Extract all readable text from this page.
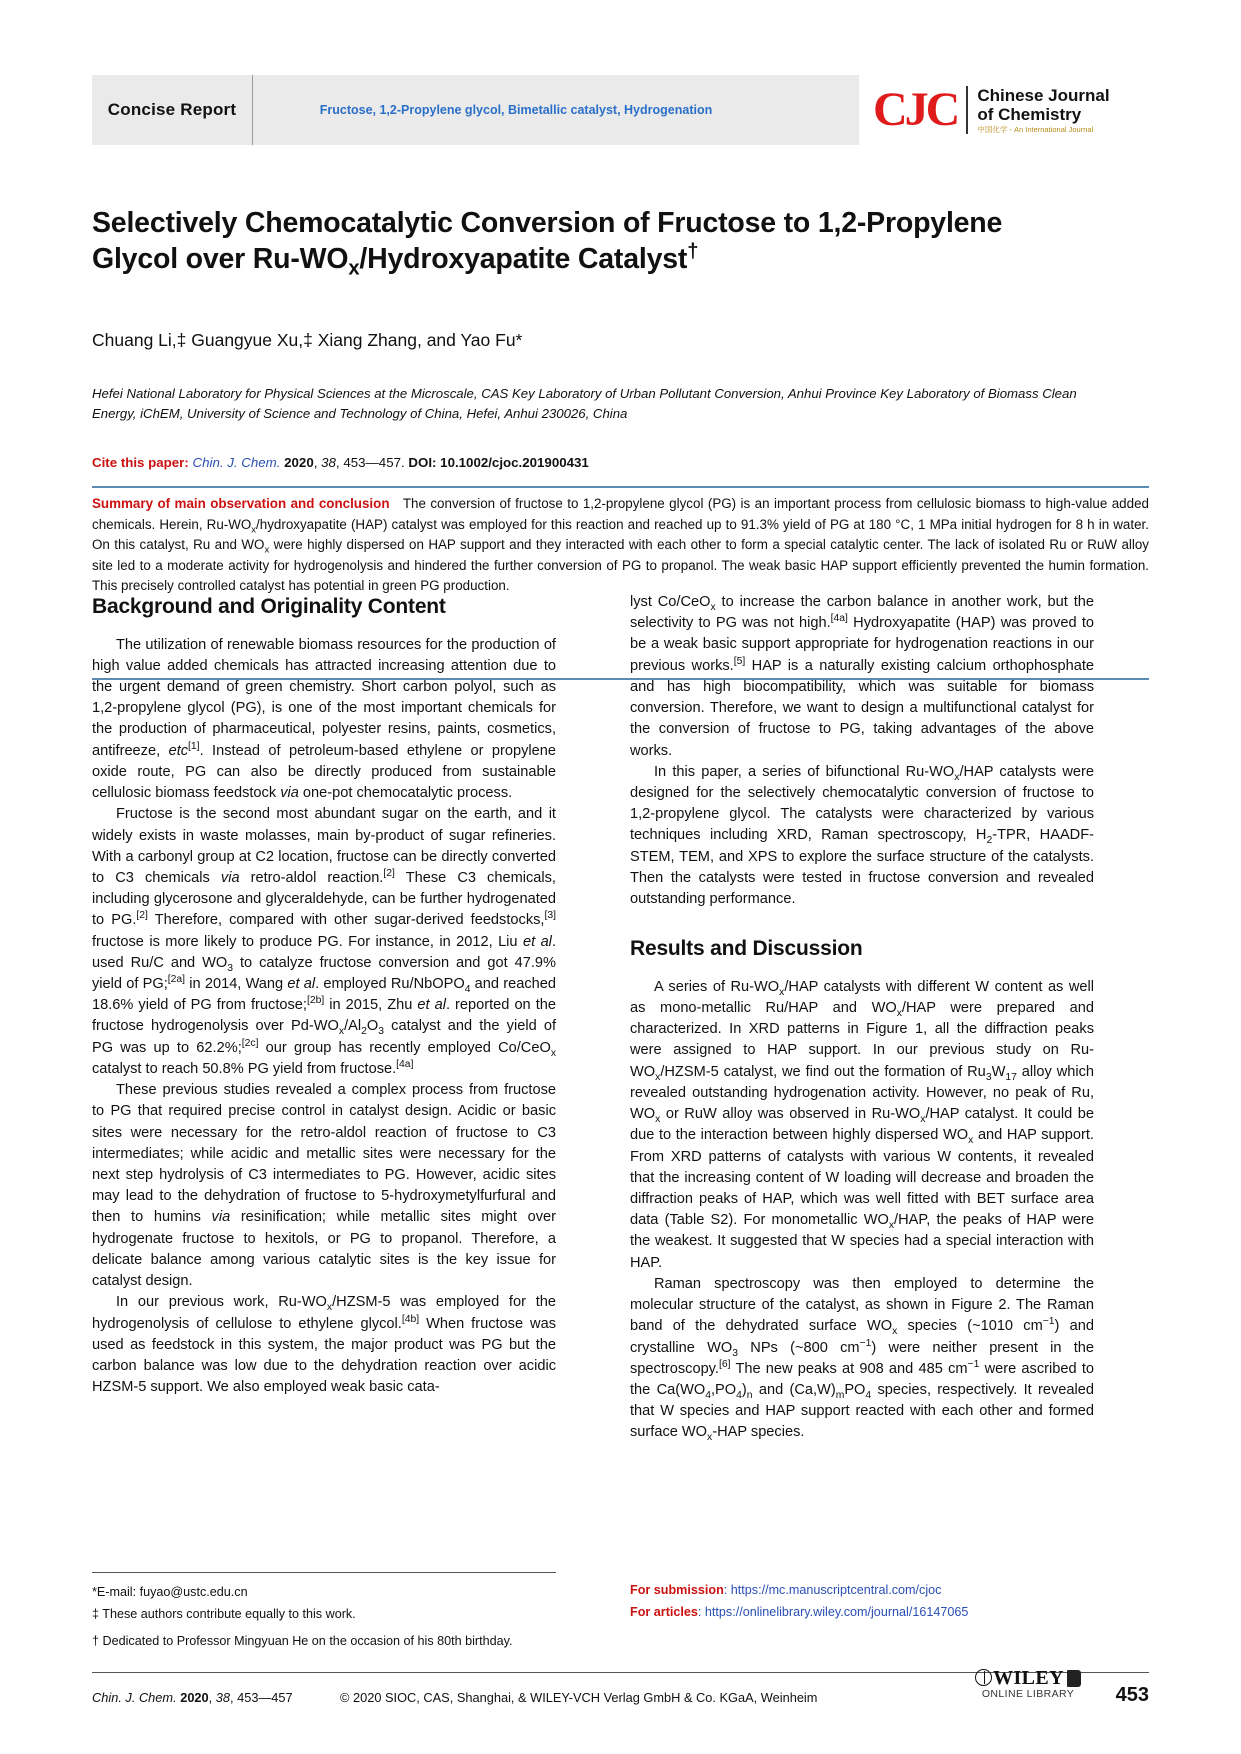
Concise Report	Fructose, 1,2-Propylene glycol, Bimetallic catalyst, Hydrogenation	CJC	Chinese Journal
of Chemistry
中国化学 - An International Journal
Selectively Chemocatalytic Conversion of Fructose to 1,2-Propylene
Glycol over $Ru-WO_x$/Hydroxyapatite Catalyst†
Chuang Li,‡ Guangyue Xu,‡ Xiang Zhang, and Yao Fu*
Hefei National Laboratory for Physical Sciences at the Microscale, CAS Key Laboratory of Urban Pollutant Conversion, Anhui Province Key Laboratory of Biomass Clean Energy, iChEM, University of Science and Technology of China, Hefei, Anhui 230026, China
Cite this paper: Chin. J. Chem. 2020, 38, 453—457. DOI: 10.1002/cjoc.201900431
Summary of main observation and conclusion The conversion of fructose to 1,2-propylene glycol (PG) is an important process from cellulosic biomass to high-value added chemicals. Herein, $Ru-WO_x$/hydroxyapatite (HAP) catalyst was employed for this reaction and reached up to 91.3% yield of PG at 180 °C, 1 MPa initial hydrogen for 8 h in water. On this catalyst, Ru and $WO_x$ were highly dispersed on HAP support and they interacted with each other to form a special catalytic center. The lack of isolated Ru or RuW alloy site led to a moderate activity for hydrogenolysis and hindered the further conversion of PG to propanol. The weak basic HAP support efficiently prevented the humin formation. This precisely controlled catalyst has potential in green PG production.
Background and Originality Content

The utilization of renewable biomass resources for the production of high value added chemicals has attracted increasing attention due to the urgent demand of green chemistry. Short carbon polyol, such as 1,2-propylene glycol (PG), is one of the most important chemicals for the production of pharmaceutical, polyester resins, paints, cosmetics, antifreeze, etc[1]. Instead of petroleum-based ethylene or propylene oxide route, PG can also be directly produced from sustainable cellulosic biomass feedstock via one-pot chemocatalytic process.

Fructose is the second most abundant sugar on the earth, and it widely exists in waste molasses, main by-product of sugar refineries. With a carbonyl group at C2 location, fructose can be directly converted to C3 chemicals via retro-aldol reaction.[2] These C3 chemicals, including glycerosone and glyceraldehyde, can be further hydrogenated to PG.[2] Therefore, compared with other sugar-derived feedstocks,[3] fructose is more likely to produce PG. For instance, in 2012, Liu et al. used Ru/C and $WO_3$ to catalyze fructose conversion and got 47.9% yield of PG;[2a] in 2014, Wang et al. employed Ru/NbOPO$_4$ and reached 18.6% yield of PG from fructose;[2b] in 2015, Zhu et al. reported on the fructose hydrogenolysis over $Pd-WO_x/Al_2O_3$ catalyst and the yield of PG was up to 62.2%;[2c] our group has recently employed Co/CeO$_x$ catalyst to reach 50.8% PG yield from fructose.[4a]

These previous studies revealed a complex process from fructose to PG that required precise control in catalyst design. Acidic or basic sites were necessary for the retro-aldol reaction of fructose to C3 intermediates; while acidic and metallic sites were necessary for the next step hydrolysis of C3 intermediates to PG. However, acidic sites may lead to the dehydration of fructose to 5-hydroxymetylfurfural and then to humins via resinification; while metallic sites might over hydrogenate fructose to hexitols, or PG to propanol. Therefore, a delicate balance among various catalytic sites is the key issue for catalyst design.

In our previous work, $Ru-WO_x/HZSM-5$ was employed for the hydrogenolysis of cellulose to ethylene glycol.[4b] When fructose was used as feedstock in this system, the major product was PG but the carbon balance was low due to the dehydration reaction over acidic HZSM-5 support. We also employed weak basic cata-

lyst Co/CeO$_x$ to increase the carbon balance in another work, but the selectivity to PG was not high.[4a] Hydroxyapatite (HAP) was proved to be a weak basic support appropriate for hydrogenation reactions in our previous works.[5] HAP is a naturally existing calcium orthophosphate and has high biocompatibility, which was suitable for biomass conversion. Therefore, we want to design a multifunctional catalyst for the conversion of fructose to PG, taking advantages of the above works.

In this paper, a series of bifunctional $Ru-WO_x$/HAP catalysts were designed for the selectively chemocatalytic conversion of fructose to 1,2-propylene glycol. The catalysts were characterized by various techniques including XRD, Raman spectroscopy, $H_2$-TPR, HAADF-STEM, TEM, and XPS to explore the surface structure of the catalysts. Then the catalysts were tested in fructose conversion and revealed outstanding performance.

Results and Discussion

A series of $Ru-WO_x$/HAP catalysts with different W content as well as mono-metallic Ru/HAP and $WO_x$/HAP were prepared and characterized. In XRD patterns in Figure 1, all the diffraction peaks were assigned to HAP support. In our previous study on $Ru-WO_x/HZSM-5$ catalyst, we find out the formation of $Ru_3W_{17}$ alloy which revealed outstanding hydrogenation activity. However, no peak of Ru, $WO_x$ or RuW alloy was observed in $Ru-WO_x$/HAP catalyst. It could be due to the interaction between highly dispersed $WO_x$ and HAP support. From XRD patterns of catalysts with various W contents, it revealed that the increasing content of W loading will decrease and broaden the diffraction peaks of HAP, which was well fitted with BET surface area data (Table S2). For monometallic $WO_x$/HAP, the peaks of HAP were the weakest. It suggested that W species had a special interaction with HAP.

Raman spectroscopy was then employed to determine the molecular structure of the catalyst, as shown in Figure 2. The Raman band of the dehydrated surface $WO_x$ species (~1010 $cm^{-1}$) and crystalline $WO_3$ NPs (~800 $cm^{-1}$) were neither present in the spectroscopy.[6] The new peaks at 908 and 485 $cm^{-1}$ were ascribed to the $Ca(WO_4,PO_4)_n$ and $(Ca,W)_mPO_4$ species, respectively. It revealed that W species and HAP support reacted with each other and formed surface $WO_x$-HAP species.

*E-mail: fuyao@ustc.edu.cn
‡ These authors contribute equally to this work.
† Dedicated to Professor Mingyuan He on the occasion of his 80th birthday.
For submission: https://mc.manuscriptcentral.com/cjoc
For articles: https://onlinelibrary.wiley.com/journal/16147065
Chin. J. Chem. 2020, 38, 453—457	© 2020 SIOC, CAS, Shanghai, & WILEY-VCH Verlag GmbH & Co. KGaA, Weinheim
WILEY
ONLINE LIBRARY	453
